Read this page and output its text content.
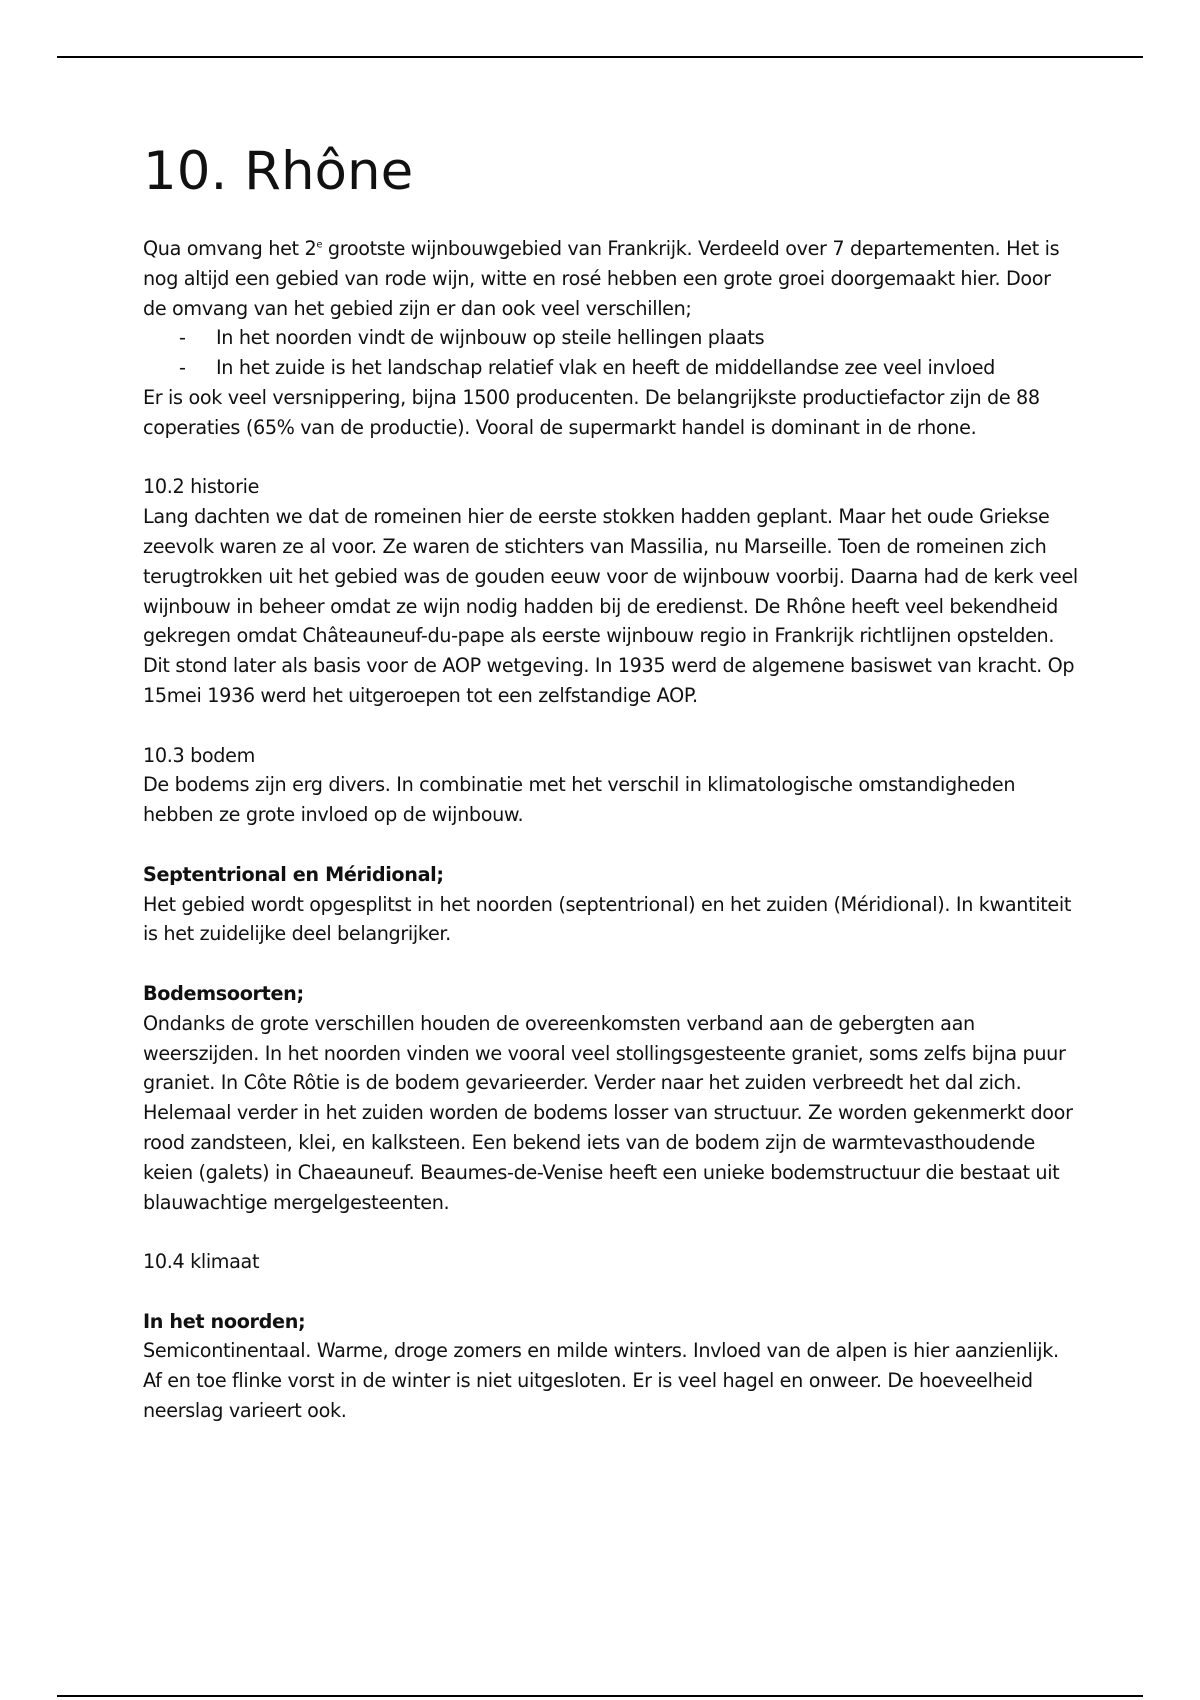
10. Rhône

Qua omvang het 2e grootste wijnbouwgebied van Frankrijk. Verdeeld over 7 departementen. Het is nog altijd een gebied van rode wijn, witte en rosé hebben een grote groei doorgemaakt hier. Door de omvang van het gebied zijn er dan ook veel verschillen;

- In het noorden vindt de wijnbouw op steile hellingen plaats
- In het zuide is het landschap relatief vlak en heeft de middellandse zee veel invloed

Er is ook veel versnippering, bijna 1500 producenten. De belangrijkste productiefactor zijn de 88 coperaties (65% van de productie). Vooral de supermarkt handel is dominant in de rhone.

10.2 historie

Lang dachten we dat de romeinen hier de eerste stokken hadden geplant. Maar het oude Griekse zeevolk waren ze al voor. Ze waren de stichters van Massilia, nu Marseille. Toen de romeinen zich terugtrokken uit het gebied was de gouden eeuw voor de wijnbouw voorbij. Daarna had de kerk veel wijnbouw in beheer omdat ze wijn nodig hadden bij de eredienst. De Rhône heeft veel bekendheid gekregen omdat Châteauneuf-du-pape als eerste wijnbouw regio in Frankrijk richtlijnen opstelden. Dit stond later als basis voor de AOP wetgeving. In 1935 werd de algemene basiswet van kracht. Op 15mei 1936 werd het uitgeroepen tot een zelfstandige AOP.

10.3 bodem

De bodems zijn erg divers. In combinatie met het verschil in klimatologische omstandigheden hebben ze grote invloed op de wijnbouw.

Septentrional en Méridional;

Het gebied wordt opgesplitst in het noorden (septentrional) en het zuiden (Méridional). In kwantiteit is het zuidelijke deel belangrijker.

Bodemsoorten;

Ondanks de grote verschillen houden de overeenkomsten verband aan de gebergten aan weerszijden. In het noorden vinden we vooral veel stollingsgesteente graniet, soms zelfs bijna puur graniet. In Côte Rôtie is de bodem gevarieerder. Verder naar het zuiden verbreedt het dal zich. Helemaal verder in het zuiden worden de bodems losser van structuur. Ze worden gekenmerkt door rood zandsteen, klei, en kalksteen. Een bekend iets van de bodem zijn de warmtevasthoudende keien (galets) in Chaeauneuf. Beaumes-de-Venise heeft een unieke bodemstructuur die bestaat uit blauwachtige mergelgesteenten.

10.4 klimaat

In het noorden;

Semicontinentaal. Warme, droge zomers en milde winters. Invloed van de alpen is hier aanzienlijk. Af en toe flinke vorst in de winter is niet uitgesloten. Er is veel hagel en onweer. De hoeveelheid neerslag varieert ook.
